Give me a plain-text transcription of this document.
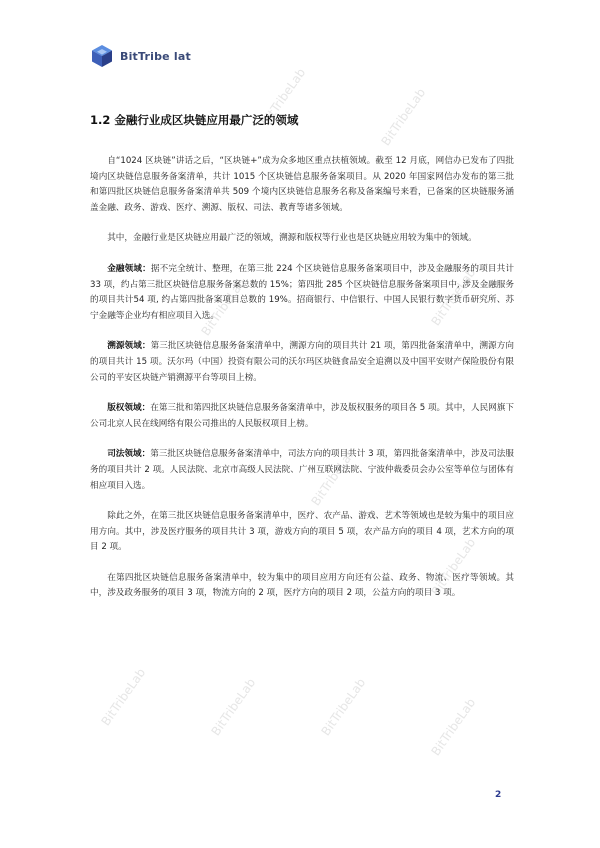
BitTribe lat
BitTribeLab	BitTribeLab
BitTribeLab	BitTribeLab
BitTribeLab
BitTribeLab
BitTribeLab	BitTribeLab	BitTribeLab	BitTribeLab
1.2 金融行业成区块链应用最广泛的领域

自“1024 区块链”讲话之后，“区块链+”成为众多地区重点扶植领域。截至 12 月底，网信办已发布了四批境内区块链信息服务备案清单，共计 1015 个区块链信息服务备案项目。从 2020 年国家网信办发布的第三批和第四批区块链信息服务备案清单共 509 个境内区块链信息服务名称及备案编号来看，已备案的区块链服务涵盖金融、政务、游戏、医疗、溯源、版权、司法、教育等诸多领域。

其中，金融行业是区块链应用最广泛的领域，溯源和版权等行业也是区块链应用较为集中的领域。

金融领域：据不完全统计、整理，在第三批 224 个区块链信息服务备案项目中，涉及金融服务的项目共计 33 项，约占第三批区块链信息服务备案总数的 15%；第四批 285 个区块链信息服务备案项目中, 涉及金融服务的项目共计54 项, 约占第四批备案项目总数的 19%。招商银行、中信银行、中国人民银行数字货币研究所、苏宁金融等企业均有相应项目入选。

溯源领域：第三批区块链信息服务备案清单中，溯源方向的项目共计 21 项，第四批备案清单中，溯源方向的项目共计 15 项。沃尔玛（中国）投资有限公司的沃尔玛区块链食品安全追溯以及中国平安财产保险股份有限公司的平安区块链产销溯源平台等项目上榜。

版权领域：在第三批和第四批区块链信息服务备案清单中，涉及版权服务的项目各 5 项。其中，人民网旗下公司北京人民在线网络有限公司推出的人民版权项目上榜。

司法领域：第三批区块链信息服务备案清单中，司法方向的项目共计 3 项，第四批备案清单中，涉及司法服务的项目共计 2 项。人民法院、北京市高级人民法院、广州互联网法院、宁波仲裁委员会办公室等单位与团体有相应项目入选。

除此之外，在第三批区块链信息服务备案清单中，医疗、农产品、游戏、艺术等领域也是较为集中的项目应用方向。其中，涉及医疗服务的项目共计 3 项，游戏方向的项目 5 项，农产品方向的项目 4 项，艺术方向的项目 2 项。

在第四批区块链信息服务备案清单中，较为集中的项目应用方向还有公益、政务、物流、医疗等领域。其中，涉及政务服务的项目 3 项，物流方向的 2 项，医疗方向的项目 2 项，公益方向的项目 3 项。

2
